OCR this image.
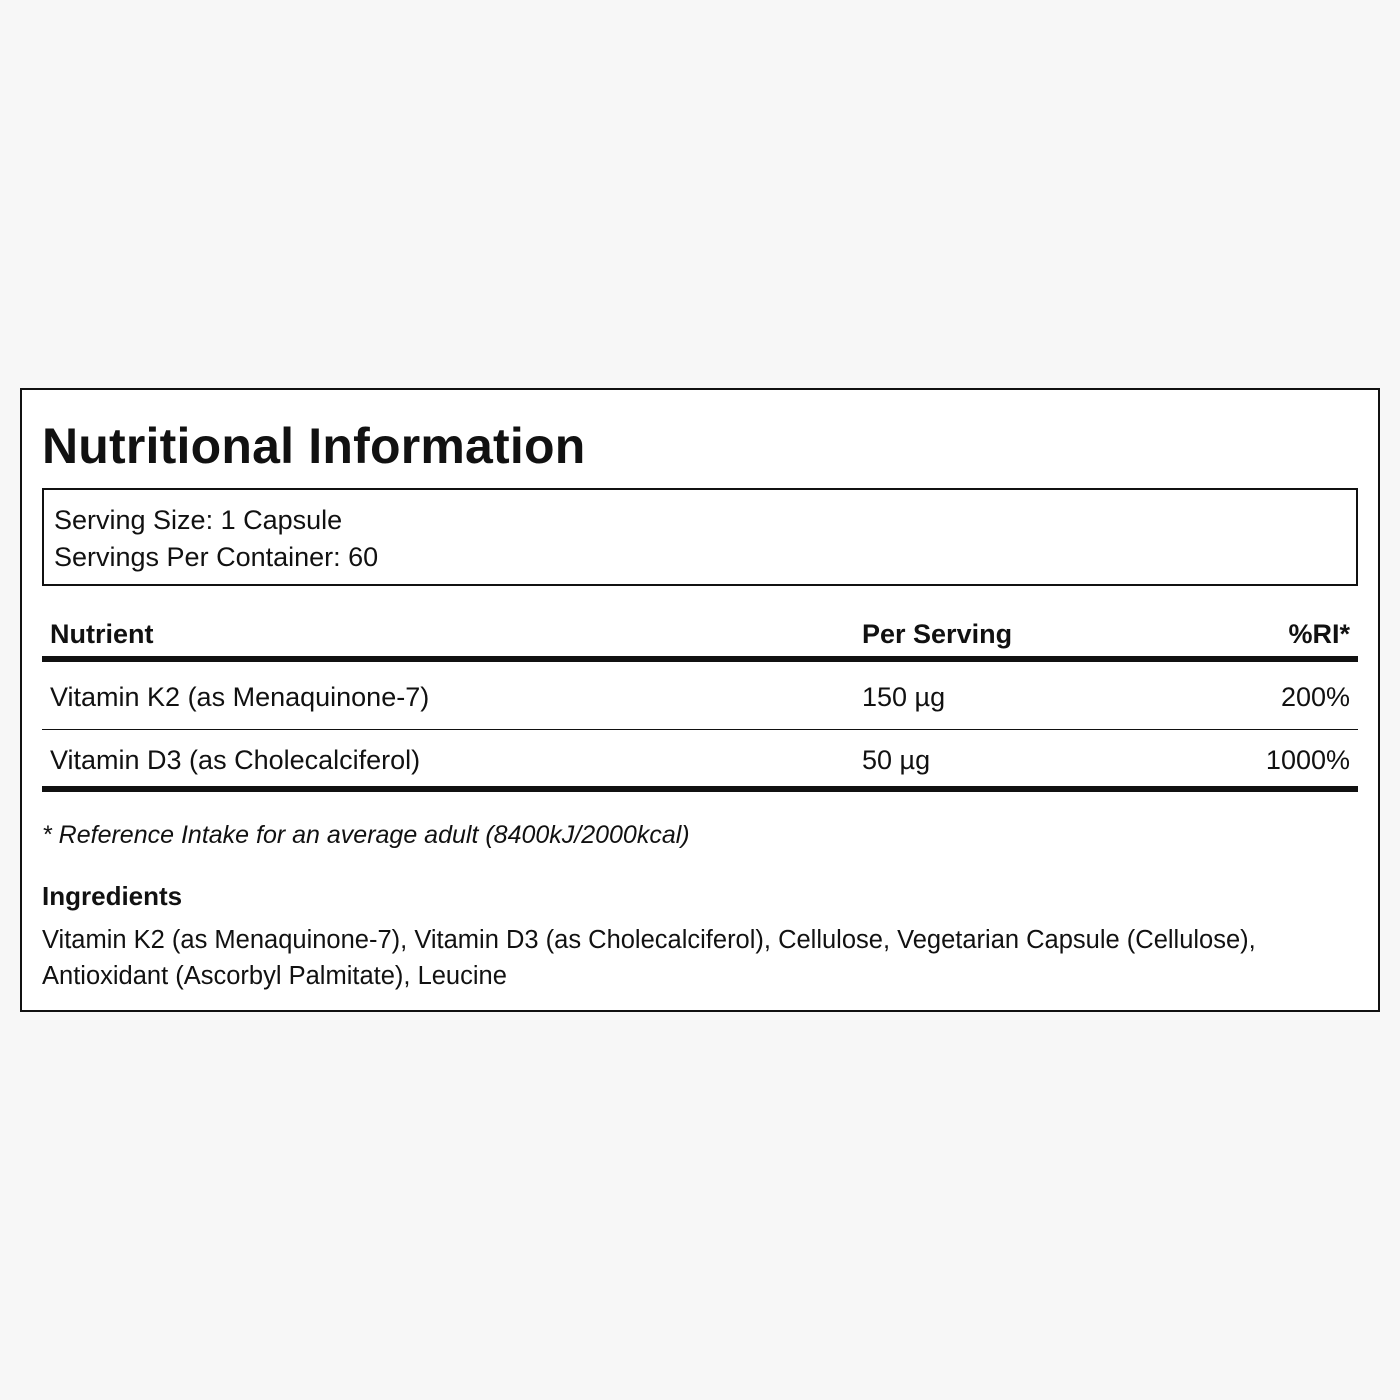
Nutritional Information
Serving Size: 1 Capsule
Servings Per Container: 60
Nutrient	Per Serving	%RI*
Vitamin K2 (as Menaquinone-7)	150 µg	200%
Vitamin D3 (as Cholecalciferol)	50 µg	1000%
* Reference Intake for an average adult (8400kJ/2000kcal)
Ingredients
Vitamin K2 (as Menaquinone-7), Vitamin D3 (as Cholecalciferol), Cellulose, Vegetarian Capsule (Cellulose),
Antioxidant (Ascorbyl Palmitate), Leucine
